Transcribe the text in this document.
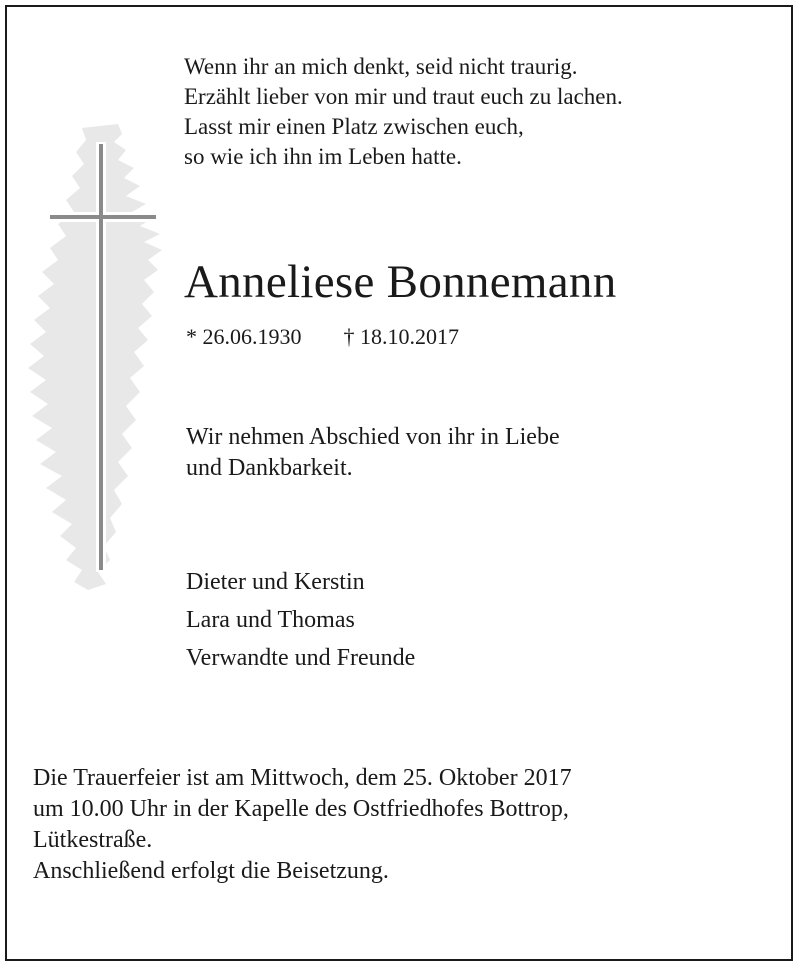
Wenn ihr an mich denkt, seid nicht traurig.
Erzählt lieber von mir und traut euch zu lachen.
Lasst mir einen Platz zwischen euch,
so wie ich ihn im Leben hatte.
Anneliese Bonnemann
* 26.06.1930 † 18.10.2017
Wir nehmen Abschied von ihr in Liebe
und Dankbarkeit.
Dieter und Kerstin
Lara und Thomas
Verwandte und Freunde
Die Trauerfeier ist am Mittwoch, dem 25. Oktober 2017
um 10.00 Uhr in der Kapelle des Ostfriedhofes Bottrop,
Lütkestraße.
Anschließend erfolgt die Beisetzung.
